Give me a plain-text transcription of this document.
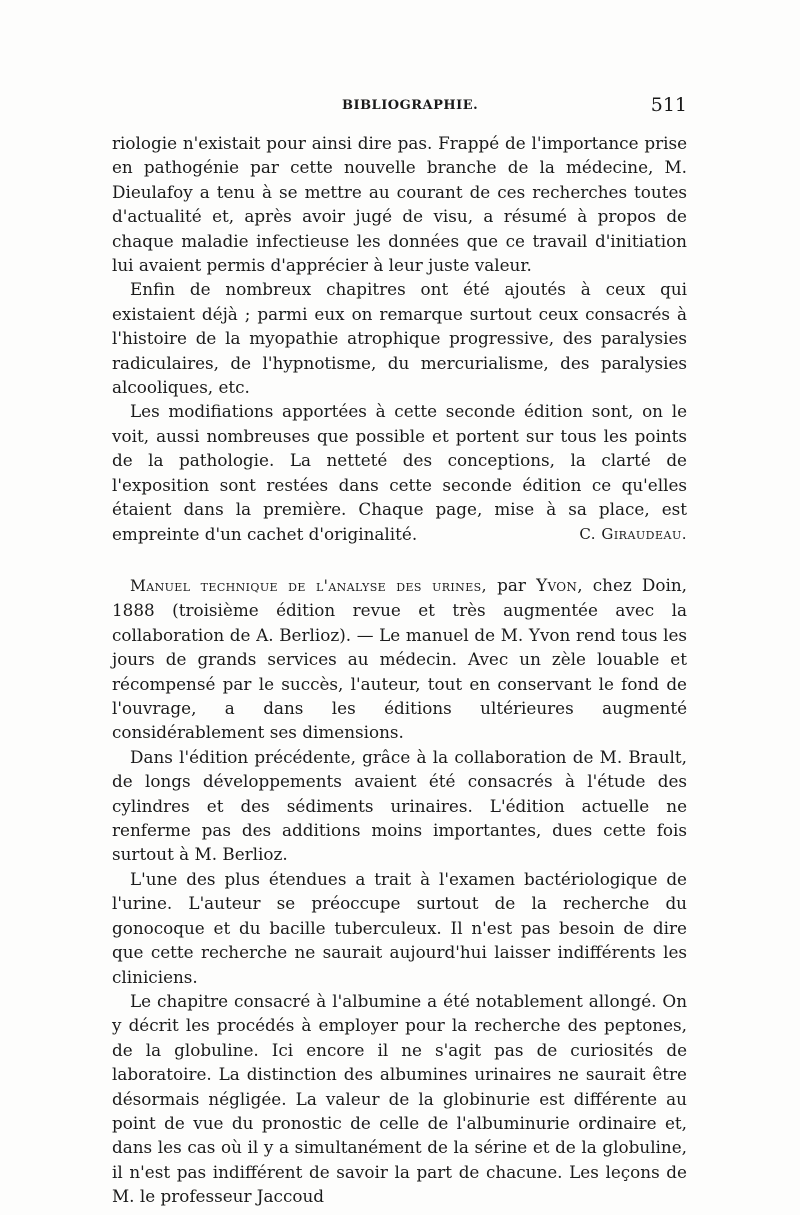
BIBLIOGRAPHIE.	511

riologie n'existait pour ainsi dire pas. Frappé de l'importance prise en pathogénie par cette nouvelle branche de la médecine, M. Dieulafoy a tenu à se mettre au courant de ces recherches toutes d'actualité et, après avoir jugé de visu, a résumé à propos de chaque maladie infectieuse les données que ce travail d'initiation lui avaient permis d'apprécier à leur juste valeur.

Enfin de nombreux chapitres ont été ajoutés à ceux qui existaient déjà ; parmi eux on remarque surtout ceux consacrés à l'histoire de la myopathie atrophique progressive, des paralysies radiculaires, de l'hypnotisme, du mercurialisme, des paralysies alcooliques, etc.

Les modifiations apportées à cette seconde édition sont, on le voit, aussi nombreuses que possible et portent sur tous les points de la pathologie. La netteté des conceptions, la clarté de l'exposition sont restées dans cette seconde édition ce qu'elles étaient dans la première. Chaque page, mise à sa place, est empreinte d'un cachet d'originalité.	C. Giraudeau.

Manuel technique de l'analyse des urines, par Yvon, chez Doin, 1888 (troisième édition revue et très augmentée avec la collaboration de A. Berlioz). — Le manuel de M. Yvon rend tous les jours de grands services au médecin. Avec un zèle louable et récompensé par le succès, l'auteur, tout en conservant le fond de l'ouvrage, a dans les éditions ultérieures augmenté considérablement ses dimensions.

Dans l'édition précédente, grâce à la collaboration de M. Brault, de longs développements avaient été consacrés à l'étude des cylindres et des sédiments urinaires. L'édition actuelle ne renferme pas des additions moins importantes, dues cette fois surtout à M. Berlioz.

L'une des plus étendues a trait à l'examen bactériologique de l'urine. L'auteur se préoccupe surtout de la recherche du gonocoque et du bacille tuberculeux. Il n'est pas besoin de dire que cette recherche ne saurait aujourd'hui laisser indifférents les cliniciens.

Le chapitre consacré à l'albumine a été notablement allongé. On y décrit les procédés à employer pour la recherche des peptones, de la globuline. Ici encore il ne s'agit pas de curiosités de laboratoire. La distinction des albumines urinaires ne saurait être désormais négligée. La valeur de la globinurie est différente au point de vue du pronostic de celle de l'albuminurie ordinaire et, dans les cas où il y a simultanément de la sérine et de la globuline, il n'est pas indifférent de savoir la part de chacune. Les leçons de M. le professeur Jaccoud
